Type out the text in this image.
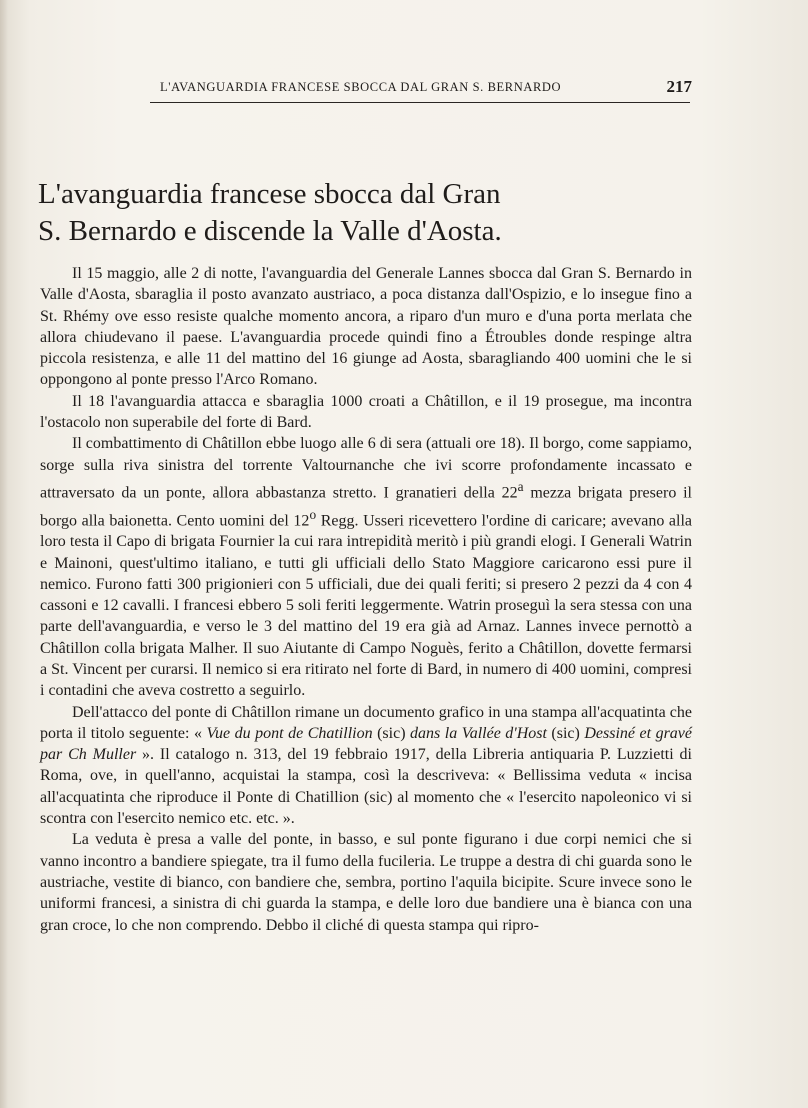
L'AVANGUARDIA FRANCESE SBOCCA DAL GRAN S. BERNARDO	217
L'avanguardia francese sbocca dal Gran
S. Bernardo e discende la Valle d'Aosta.

Il 15 maggio, alle 2 di notte, l'avanguardia del Generale Lannes sbocca dal Gran S. Bernardo in Valle d'Aosta, sbaraglia il posto avanzato austriaco, a poca distanza dall'Ospizio, e lo insegue fino a St. Rhémy ove esso resiste qualche momento ancora, a riparo d'un muro e d'una porta merlata che allora chiudevano il paese. L'avanguardia procede quindi fino a Étroubles donde respinge altra piccola resistenza, e alle 11 del mattino del 16 giunge ad Aosta, sbaragliando 400 uomini che le si oppongono al ponte presso l'Arco Romano.

Il 18 l'avanguardia attacca e sbaraglia 1000 croati a Châtillon, e il 19 prosegue, ma incontra l'ostacolo non superabile del forte di Bard.

Il combattimento di Châtillon ebbe luogo alle 6 di sera (attuali ore 18). Il borgo, come sappiamo, sorge sulla riva sinistra del torrente Valtournanche che ivi scorre profondamente incassato e attraversato da un ponte, allora abbastanza stretto. I granatieri della 22$^a$ mezza brigata presero il borgo alla baionetta. Cento uomini del 12$^o$ Regg. Usseri ricevettero l'ordine di caricare; avevano alla loro testa il Capo di brigata Fournier la cui rara intrepidità meritò i più grandi elogi. I Generali Watrin e Mainoni, quest'ultimo italiano, e tutti gli ufficiali dello Stato Maggiore caricarono essi pure il nemico. Furono fatti 300 prigionieri con 5 ufficiali, due dei quali feriti; si presero 2 pezzi da 4 con 4 cassoni e 12 cavalli. I francesi ebbero 5 soli feriti leggermente. Watrin proseguì la sera stessa con una parte dell'avanguardia, e verso le 3 del mattino del 19 era già ad Arnaz. Lannes invece pernottò a Châtillon colla brigata Malher. Il suo Aiutante di Campo Noguès, ferito a Châtillon, dovette fermarsi a St. Vincent per curarsi. Il nemico si era ritirato nel forte di Bard, in numero di 400 uomini, compresi i contadini che aveva costretto a seguirlo.

Dell'attacco del ponte di Châtillon rimane un documento grafico in una stampa all'acquatinta che porta il titolo seguente: « Vue du pont de Chatillion (sic) dans la Vallée d'Host (sic) Dessiné et gravé par Ch Muller ». Il catalogo n. 313, del 19 febbraio 1917, della Libreria antiquaria P. Luzzietti di Roma, ove, in quell'anno, acquistai la stampa, così la descriveva: « Bellissima veduta « incisa all'acquatinta che riproduce il Ponte di Chatillion (sic) al momento che « l'esercito napoleonico vi si scontra con l'esercito nemico etc. etc. ».

La veduta è presa a valle del ponte, in basso, e sul ponte figurano i due corpi nemici che si vanno incontro a bandiere spiegate, tra il fumo della fucileria. Le truppe a destra di chi guarda sono le austriache, vestite di bianco, con bandiere che, sembra, portino l'aquila bicipite. Scure invece sono le uniformi francesi, a sinistra di chi guarda la stampa, e delle loro due bandiere una è bianca con una gran croce, lo che non comprendo. Debbo il cliché di questa stampa qui ripro-
